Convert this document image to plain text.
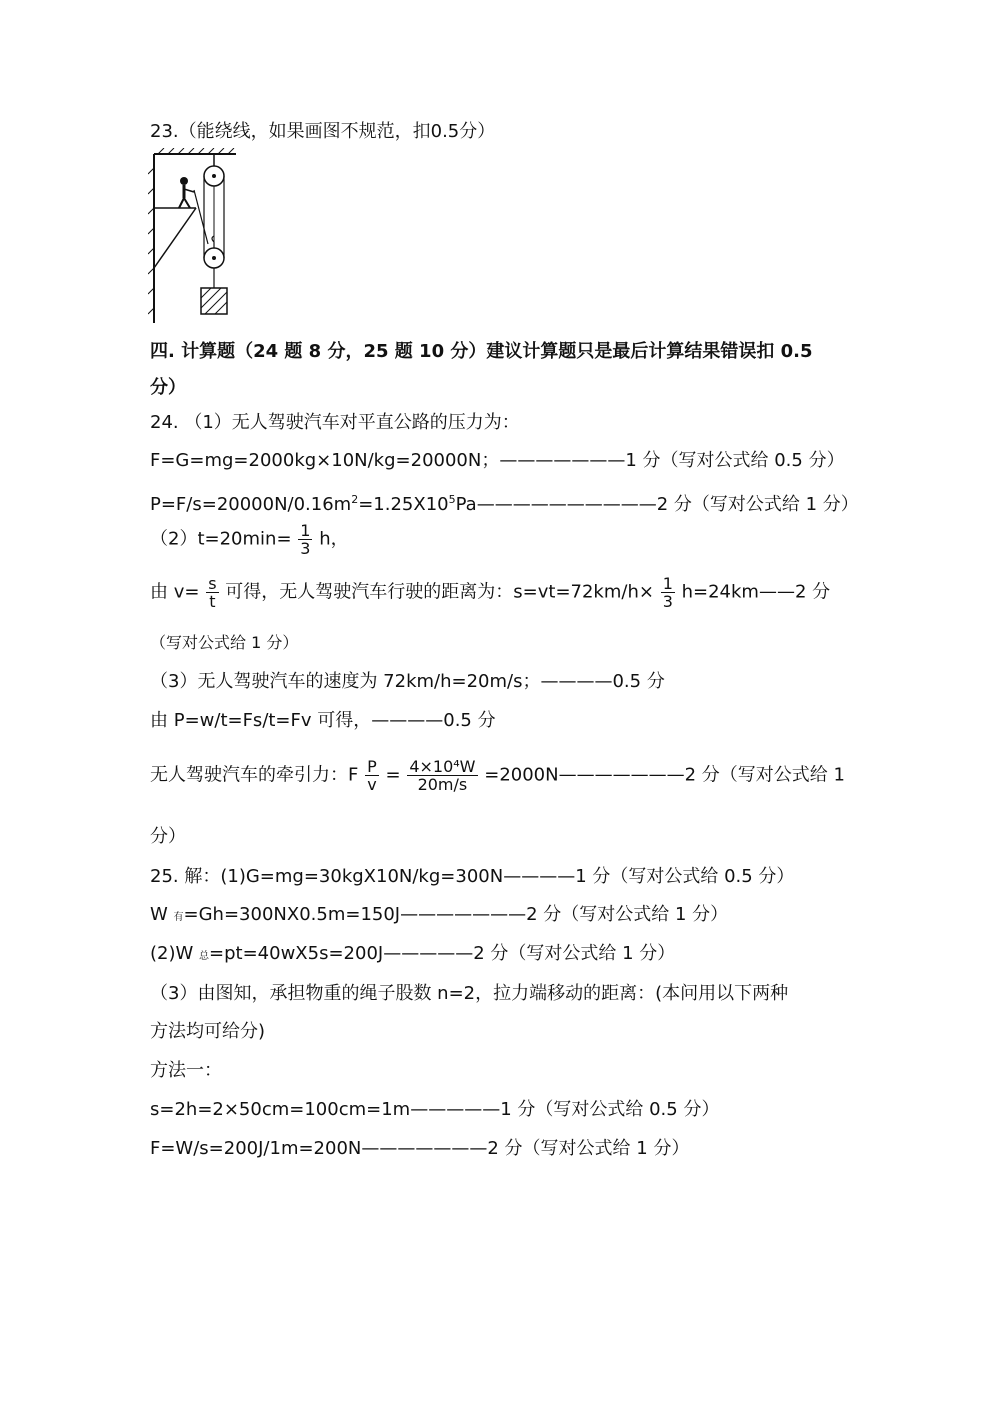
23.（能绕线，如果画图不规范，扣0.5分）
四. 计算题（24 题 8 分，25 题 10 分）建议计算题只是最后计算结果错误扣 0.5
分）
24. （1）无人驾驶汽车对平直公路的压力为：
F=G=mg=2000kg×10N/kg=20000N；———————1 分（写对公式给 0.5 分）
$P=F/s=20000N/0.16m^2=1.25X10^5Pa——————————2$ 分（写对公式给 1 分）
$(2)t=20\min= \frac{1}{3}$ h，
由 $v= \frac{s}{t}$ 可得，无人驾驶汽车行驶的距离为：$s=vt=72km/h\times \frac{1}{3}$ h=24km——2 分
（写对公式给 1 分）
（3）无人驾驶汽车的速度为 72km/h=20m/s；————0.5 分
由 P=w/t=Fs/t=Fv 可得，————0.5 分
无人驾驶汽车的牵引力：F $\frac{P}{v} = \frac{\text{4×10⁴W}}{20m/s}$ =2000N———————2 分（写对公式给 1
分）
25. 解：(1)G=mg=30kgX10N/kg=300N————1 分（写对公式给 0.5 分）
W 有=Gh=300NX0.5m=150J———————2 分（写对公式给 1 分）
(2)W 总=pt=40wX5s=200J—————2 分（写对公式给 1 分）
（3）由图知，承担物重的绳子股数 n=2，拉力端移动的距离：(本问用以下两种
方法均可给分)
方法一：
s=2h=2×50cm=100cm=1m—————1 分（写对公式给 0.5 分）
F=W/s=200J/1m=200N———————2 分（写对公式给 1 分）
